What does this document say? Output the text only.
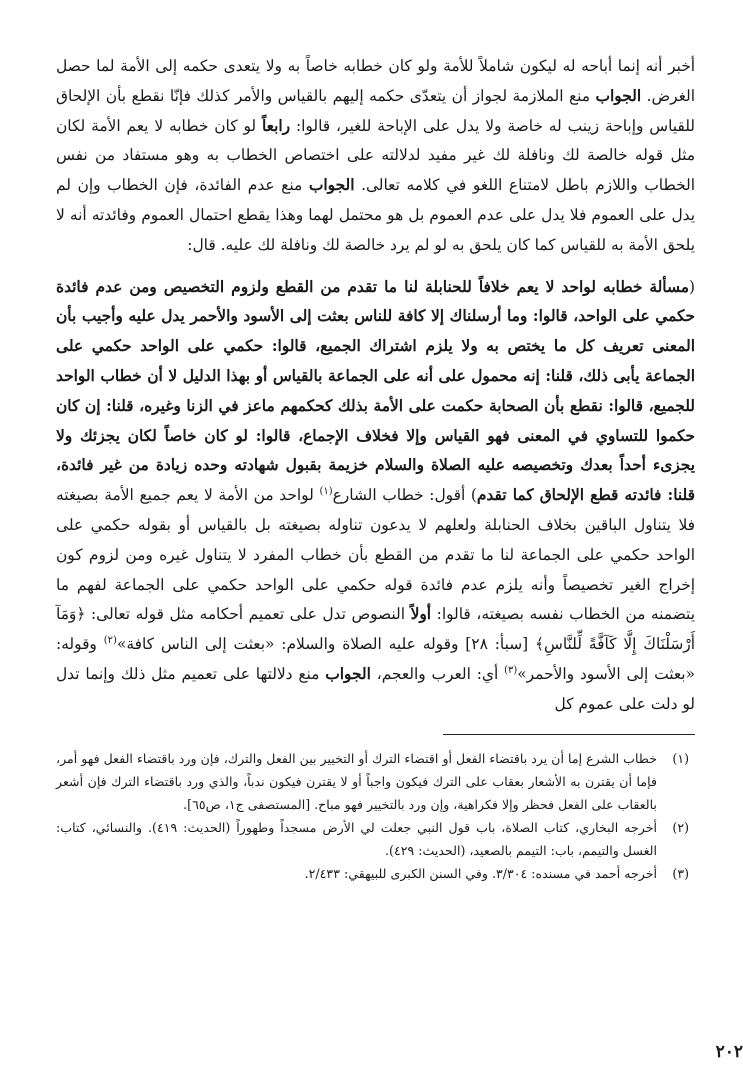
أخبر أنه إنما أباحه له ليكون شاملاً للأمة ولو كان خطابه خاصاً به ولا يتعدى حكمه إلى الأمة لما حصل الغرض. الجواب منع الملازمة لجواز أن يتعدّى حكمه إليهم بالقياس والأمر كذلك فإنّا نقطع بأن الإلحاق للقياس وإباحة زينب له خاصة ولا يدل على الإباحة للغير، قالوا: رابعاً لو كان خطابه لا يعم الأمة لكان مثل قوله خالصة لك ونافلة لك غير مفيد لدلالته على اختصاص الخطاب به وهو مستفاد من نفس الخطاب واللازم باطل لامتناع اللغو في كلامه تعالى. الجواب منع عدم الفائدة، فإن الخطاب وإن لم يدل على العموم فلا يدل على عدم العموم بل هو محتمل لهما وهذا يقطع احتمال العموم وفائدته أنه لا يلحق الأمة به للقياس كما كان يلحق به لو لم يرد خالصة لك ونافلة لك عليه. قال:

(مسألة خطابه لواحد لا يعم خلافاً للحنابلة لنا ما تقدم من القطع ولزوم التخصيص ومن عدم فائدة حكمي على الواحد، قالوا: وما أرسلناك إلا كافة للناس بعثت إلى الأسود والأحمر يدل عليه وأجيب بأن المعنى تعريف كل ما يختص به ولا يلزم اشتراك الجميع، قالوا: حكمي على الواحد حكمي على الجماعة يأبى ذلك، قلنا: إنه محمول على أنه على الجماعة بالقياس أو بهذا الدليل لا أن خطاب الواحد للجميع، قالوا: نقطع بأن الصحابة حكمت على الأمة بذلك كحكمهم ماعز في الزنا وغيره، قلنا: إن كان حكموا للتساوي في المعنى فهو القياس وإلا فخلاف الإجماع، قالوا: لو كان خاصاً لكان يجزئك ولا يجزىء أحداً بعدك وتخصيصه عليه الصلاة والسلام خزيمة بقبول شهادته وحده زيادة من غير فائدة، قلنا: فائدته قطع الإلحاق كما تقدم) أقول: خطاب الشارع$^{(١)}$ لواحد من الأمة لا يعم جميع الأمة بصيغته فلا يتناول الباقين بخلاف الحنابلة ولعلهم لا يدعون تناوله بصيغته بل بالقياس أو بقوله حكمي على الواحد حكمي على الجماعة لنا ما تقدم من القطع بأن خطاب المفرد لا يتناول غيره ومن لزوم كون إخراج الغير تخصيصاً وأنه يلزم عدم فائدة قوله حكمي على الواحد حكمي على الجماعة لفهم ما يتضمنه من الخطاب نفسه بصيغته، قالوا: أولاً النصوص تدل على تعميم أحكامه مثل قوله تعالى: ﴿وَمَآ أَرْسَلْنَاكَ إِلَّا كَآفَّةً لِّلنَّاسِ﴾ [سبأ: ٢٨] وقوله عليه الصلاة والسلام: «بعثت إلى الناس كافة»$^{(٢)}$ وقوله: «بعثت إلى الأسود والأحمر»$^{(٣)}$ أي: العرب والعجم، الجواب منع دلالتها على تعميم مثل ذلك وإنما تدل لو دلت على عموم كل

(١)
خطاب الشرع إما أن يرد باقتضاء الفعل أو اقتضاء الترك أو التخيير بين الفعل والترك، فإن ورد باقتضاء الفعل فهو أمر، فإما أن يقترن به الأشعار بعقاب على الترك فيكون واجباً أو لا يقترن فيكون ندباً، والذي ورد باقتضاء الترك فإن أشعر بالعقاب على الفعل فحظر وإلا فكراهية، وإن ورد بالتخيير فهو مباح. [المستصفى ج١، ص٦٥].
(٢)
أخرجه البخاري، كتاب الصلاة، باب قول النبي جعلت لي الأرض مسجداً وطهوراً (الحديث: ٤١٩). والنسائي، كتاب: الغسل والتيمم، باب: التيمم بالصعيد، (الحديث: ٤٢٩).
(٣)
أخرجه أحمد في مسنده: ٣/٣٠٤. وفي السنن الكبرى للبيهقي: ٢/٤٣٣.
٢٠٢
